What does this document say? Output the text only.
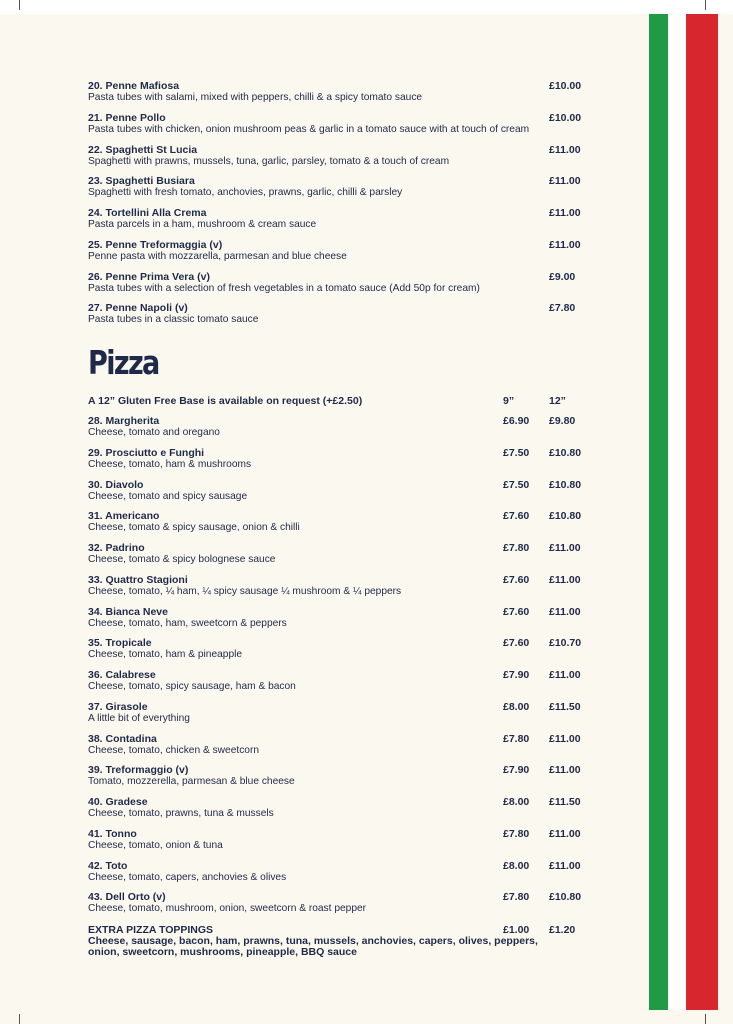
20. Penne Mafiosa
Pasta tubes with salami, mixed with peppers, chilli & a spicy tomato sauce
£10.00
21. Penne Pollo
Pasta tubes with chicken, onion mushroom peas & garlic in a tomato sauce with at touch of cream
£10.00
22. Spaghetti St Lucia
Spaghetti with prawns, mussels, tuna, garlic, parsley, tomato & a touch of cream
£11.00
23. Spaghetti Busiara
Spaghetti with fresh tomato, anchovies, prawns, garlic, chilli & parsley
£11.00
24. Tortellini Alla Crema
Pasta parcels in a ham, mushroom & cream sauce
£11.00
25. Penne Treformaggia (v)
Penne pasta with mozzarella, parmesan and blue cheese
£11.00
26. Penne Prima Vera (v)
Pasta tubes with a selection of fresh vegetables in a tomato sauce (Add 50p for cream)
£9.00
27. Penne Napoli (v)
Pasta tubes in a classic tomato sauce
£7.80
Pizza
A 12” Gluten Free Base is available on request (+£2.50)	9”	12”
28. Margherita
Cheese, tomato and oregano
£6.90 £9.80
29. Prosciutto e Funghi
Cheese, tomato, ham & mushrooms
£7.50 £10.80
30. Diavolo
Cheese, tomato and spicy sausage
£7.50 £10.80
31. Americano
Cheese, tomato & spicy sausage, onion & chilli
£7.60 £10.80
32. Padrino
Cheese, tomato & spicy bolognese sauce
£7.80 £11.00
33. Quattro Stagioni
Cheese, tomato, ¼ ham, ¼ spicy sausage ¼ mushroom & ¼ peppers
£7.60 £11.00
34. Bianca Neve
Cheese, tomato, ham, sweetcorn & peppers
£7.60 £11.00
35. Tropicale
Cheese, tomato, ham & pineapple
£7.60 £10.70
36. Calabrese
Cheese, tomato, spicy sausage, ham & bacon
£7.90 £11.00
37. Girasole
A little bit of everything
£8.00 £11.50
38. Contadina
Cheese, tomato, chicken & sweetcorn
£7.80 £11.00
39. Treformaggio (v)
Tomato, mozzerella, parmesan & blue cheese
£7.90 £11.00
40. Gradese
Cheese, tomato, prawns, tuna & mussels
£8.00 £11.50
41. Tonno
Cheese, tomato, onion & tuna
£7.80 £11.00
42. Toto
Cheese, tomato, capers, anchovies & olives
£8.00 £11.00
43. Dell Orto (v)
Cheese, tomato, mushroom, onion, sweetcorn & roast pepper
£7.80 £10.80
EXTRA PIZZA TOPPINGS	£1.00 £1.20
Cheese, sausage, bacon, ham, prawns, tuna, mussels, anchovies, capers, olives, peppers, onion, sweetcorn, mushrooms, pineapple, BBQ sauce
